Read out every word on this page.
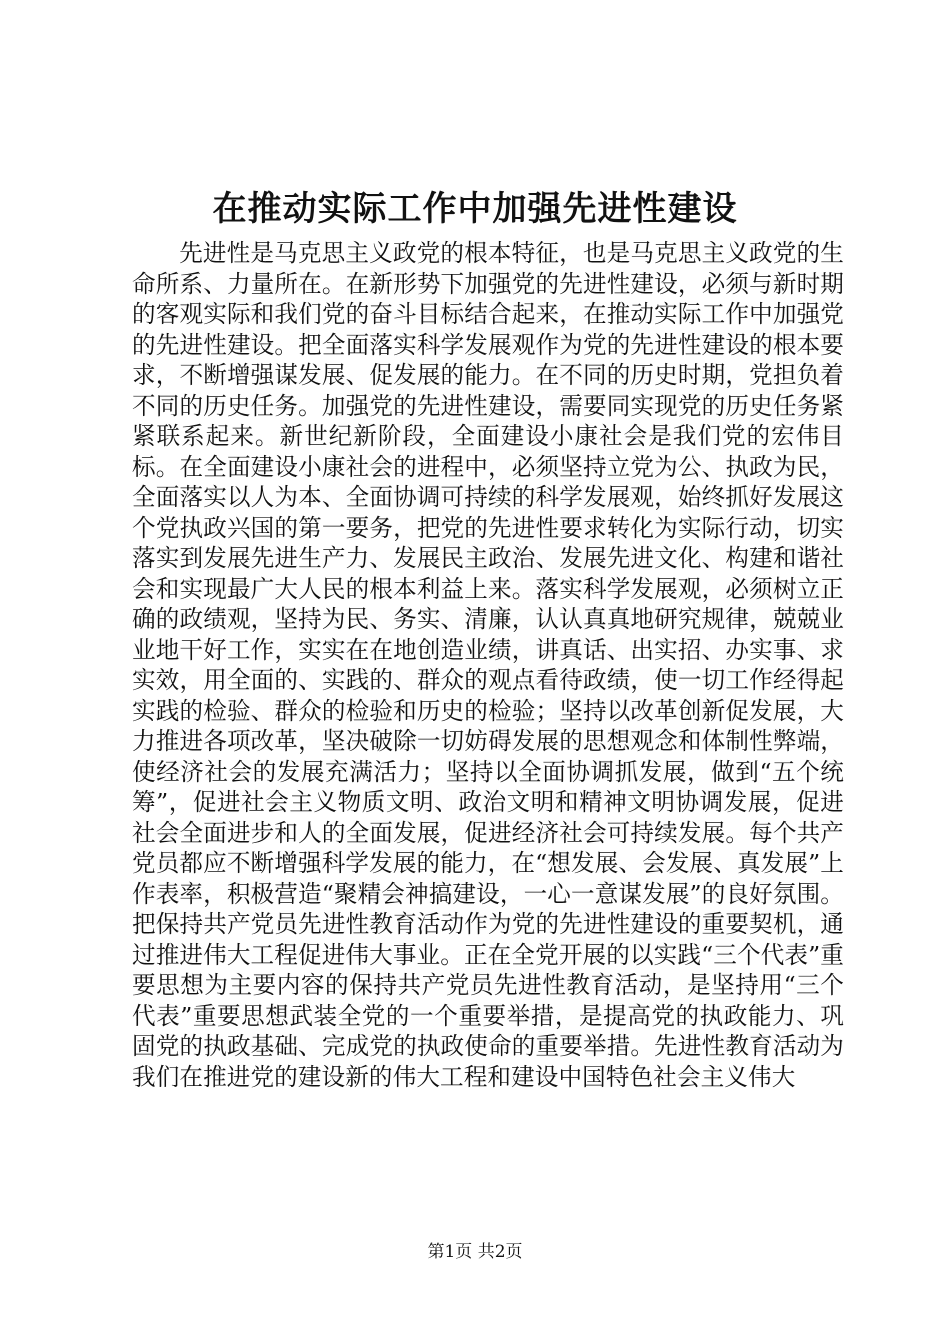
在推动实际工作中加强先进性建设

先进性是马克思主义政党的根本特征，也是马克思主义政党的生命所系、力量所在。在新形势下加强党的先进性建设，必须与新时期的客观实际和我们党的奋斗目标结合起来，在推动实际工作中加强党的先进性建设。把全面落实科学发展观作为党的先进性建设的根本要求，不断增强谋发展、促发展的能力。在不同的历史时期，党担负着不同的历史任务。加强党的先进性建设，需要同实现党的历史任务紧紧联系起来。新世纪新阶段，全面建设小康社会是我们党的宏伟目标。在全面建设小康社会的进程中，必须坚持立党为公、执政为民，全面落实以人为本、全面协调可持续的科学发展观，始终抓好发展这个党执政兴国的第一要务，把党的先进性要求转化为实际行动，切实落实到发展先进生产力、发展民主政治、发展先进文化、构建和谐社会和实现最广大人民的根本利益上来。落实科学发展观，必须树立正确的政绩观，坚持为民、务实、清廉，认认真真地研究规律，兢兢业业地干好工作，实实在在地创造业绩，讲真话、出实招、办实事、求实效，用全面的、实践的、群众的观点看待政绩，使一切工作经得起实践的检验、群众的检验和历史的检验；坚持以改革创新促发展，大力推进各项改革，坚决破除一切妨碍发展的思想观念和体制性弊端，使经济社会的发展充满活力；坚持以全面协调抓发展，做到“五个统筹”，促进社会主义物质文明、政治文明和精神文明协调发展，促进社会全面进步和人的全面发展，促进经济社会可持续发展。每个共产党员都应不断增强科学发展的能力，在“想发展、会发展、真发展”上作表率，积极营造“聚精会神搞建设，一心一意谋发展”的良好氛围。把保持共产党员先进性教育活动作为党的先进性建设的重要契机，通过推进伟大工程促进伟大事业。正在全党开展的以实践“三个代表”重要思想为主要内容的保持共产党员先进性教育活动，是坚持用“三个代表”重要思想武装全党的一个重要举措，是提高党的执政能力、巩固党的执政基础、完成党的执政使命的重要举措。先进性教育活动为我们在推进党的建设新的伟大工程和建设中国特色社会主义伟大

第1页 共2页
